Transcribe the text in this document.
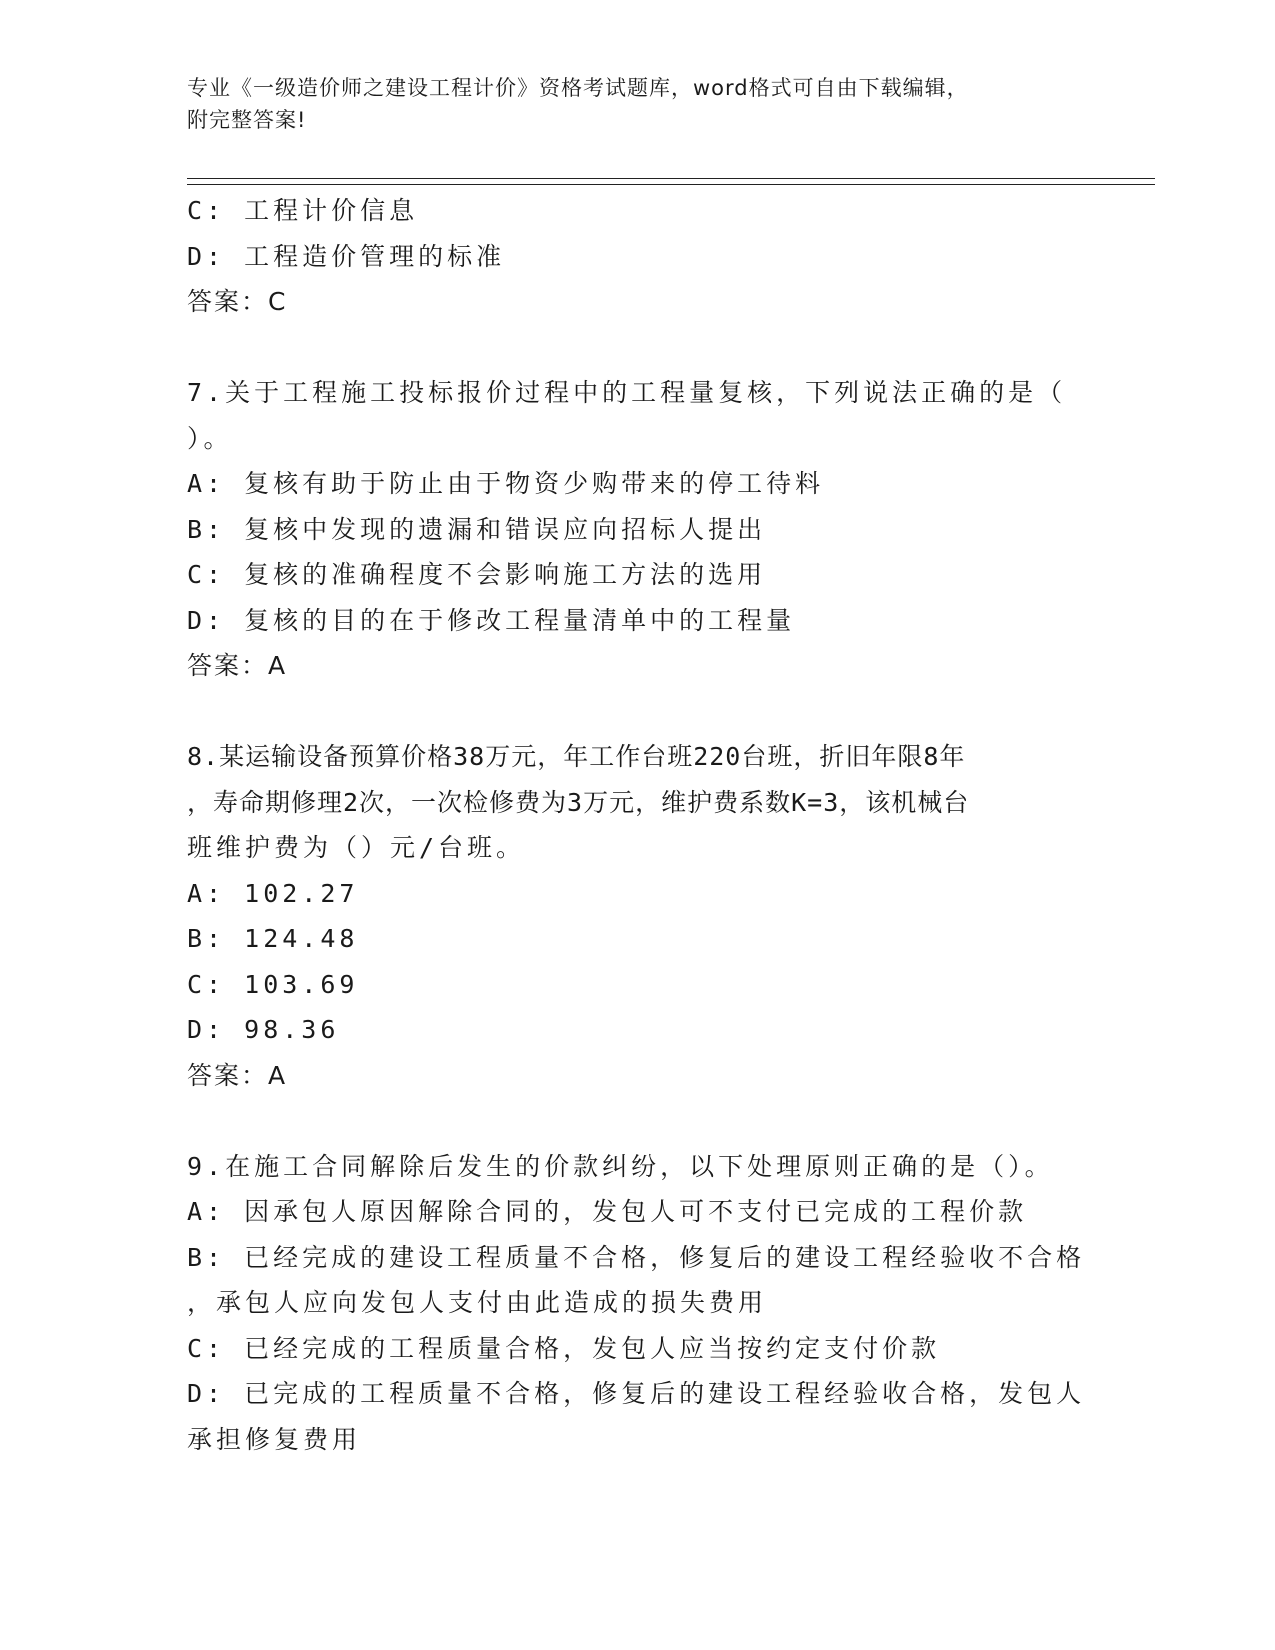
专业《一级造价师之建设工程计价》资格考试题库，word格式可自由下载编辑，
附完整答案!
C: 工程计价信息
D: 工程造价管理的标准
答案：C
7.关于工程施工投标报价过程中的工程量复核，下列说法正确的是（
）。
A: 复核有助于防止由于物资少购带来的停工待料
B: 复核中发现的遗漏和错误应向招标人提出
C: 复核的准确程度不会影响施工方法的选用
D: 复核的目的在于修改工程量清单中的工程量
答案：A
8.某运输设备预算价格38万元，年工作台班220台班，折旧年限8年
，寿命期修理2次，一次检修费为3万元，维护费系数K=3，该机械台
班维护费为（）元/台班。
A: 102.27
B: 124.48
C: 103.69
D: 98.36
答案：A
9.在施工合同解除后发生的价款纠纷，以下处理原则正确的是（）。
A: 因承包人原因解除合同的，发包人可不支付已完成的工程价款
B: 已经完成的建设工程质量不合格，修复后的建设工程经验收不合格
，承包人应向发包人支付由此造成的损失费用
C: 已经完成的工程质量合格，发包人应当按约定支付价款
D: 已完成的工程质量不合格，修复后的建设工程经验收合格，发包人
承担修复费用
